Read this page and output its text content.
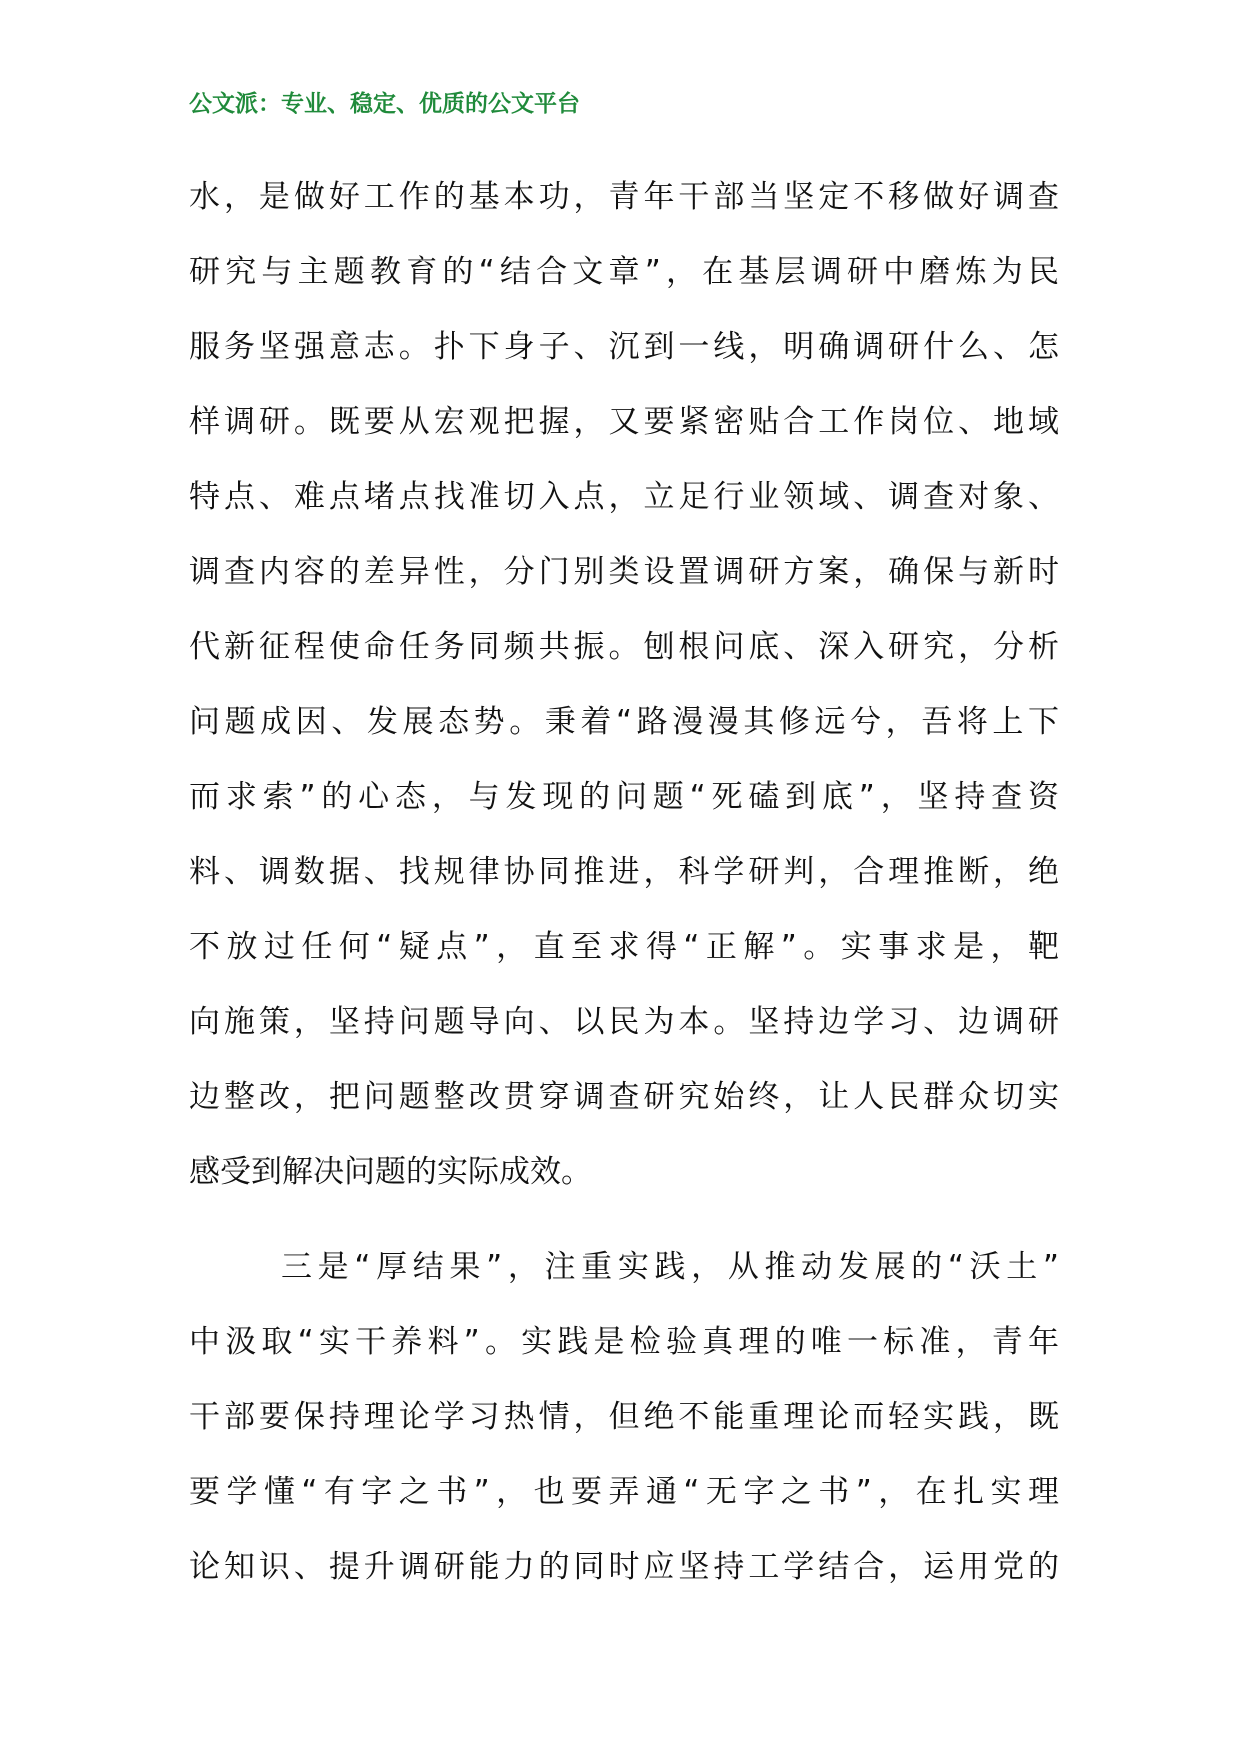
公文派：专业、稳定、优质的公文平台
水，是做好工作的基本功，青年干部当坚定不移做好调查
研究与主题教育的“结合文章”，在基层调研中磨炼为民
服务坚强意志。扑下身子、沉到一线，明确调研什么、怎
样调研。既要从宏观把握，又要紧密贴合工作岗位、地域
特点、难点堵点找准切入点，立足行业领域、调查对象、
调查内容的差异性，分门别类设置调研方案，确保与新时
代新征程使命任务同频共振。刨根问底、深入研究，分析
问题成因、发展态势。秉着“路漫漫其修远兮，吾将上下
而求索”的心态，与发现的问题“死磕到底”，坚持查资
料、调数据、找规律协同推进，科学研判，合理推断，绝
不放过任何“疑点”，直至求得“正解”。实事求是，靶
向施策，坚持问题导向、以民为本。坚持边学习、边调研
边整改，把问题整改贯穿调查研究始终，让人民群众切实
感受到解决问题的实际成效。
三是“厚结果”，注重实践，从推动发展的“沃土”
中汲取“实干养料”。实践是检验真理的唯一标准，青年
干部要保持理论学习热情，但绝不能重理论而轻实践，既
要学懂“有字之书”，也要弄通“无字之书”，在扎实理
论知识、提升调研能力的同时应坚持工学结合，运用党的
